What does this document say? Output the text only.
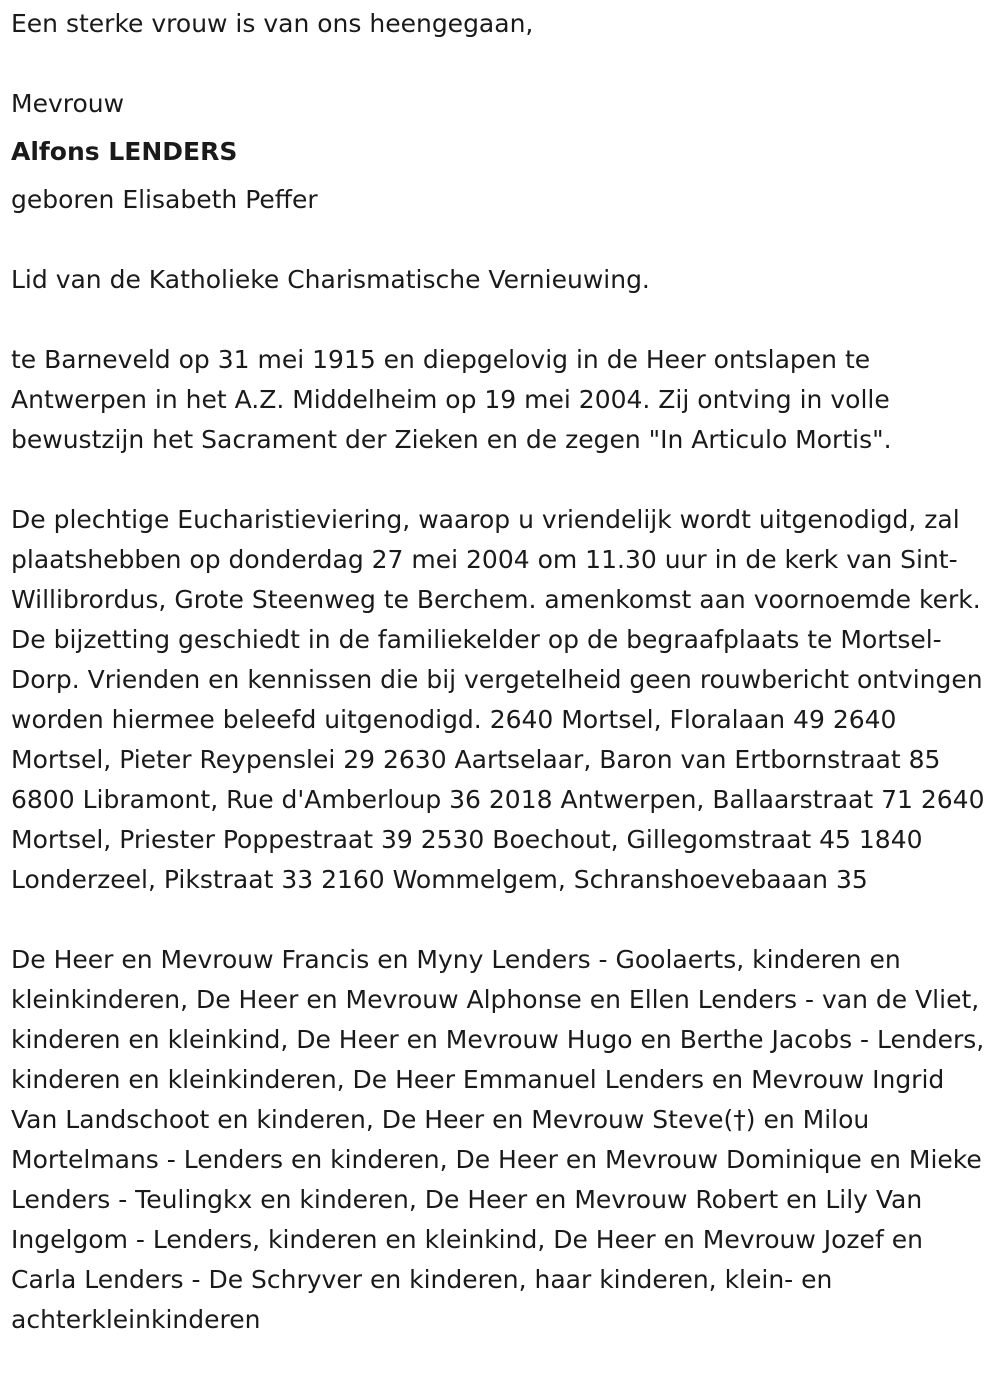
Een sterke vrouw is van ons heengegaan,

Mevrouw

Alfons LENDERS

geboren Elisabeth Peffer

Lid van de Katholieke Charismatische Vernieuwing.

te Barneveld op 31 mei 1915 en diepgelovig in de Heer ontslapen te Antwerpen in het A.Z. Middelheim op 19 mei 2004. Zij ontving in volle bewustzijn het Sacrament der Zieken en de zegen "In Articulo Mortis".

De plechtige Eucharistieviering, waarop u vriendelijk wordt uitgenodigd, zal plaatshebben op donderdag 27 mei 2004 om 11.30 uur in de kerk van Sint-Willibrordus, Grote Steenweg te Berchem. amenkomst aan voornoemde kerk. De bijzetting geschiedt in de familiekelder op de begraafplaats te Mortsel-Dorp. Vrienden en kennissen die bij vergetelheid geen rouwbericht ontvingen worden hiermee beleefd uitgenodigd. 2640 Mortsel, Floralaan 49 2640 Mortsel, Pieter Reypenslei 29 2630 Aartselaar, Baron van Ertbornstraat 85 6800 Libramont, Rue d'Amberloup 36 2018 Antwerpen, Ballaarstraat 71 2640 Mortsel, Priester Poppestraat 39 2530 Boechout, Gillegomstraat 45 1840 Londerzeel, Pikstraat 33 2160 Wommelgem, Schranshoevebaaan 35

De Heer en Mevrouw Francis en Myny Lenders - Goolaerts, kinderen en kleinkinderen, De Heer en Mevrouw Alphonse en Ellen Lenders - van de Vliet, kinderen en kleinkind, De Heer en Mevrouw Hugo en Berthe Jacobs - Lenders, kinderen en kleinkinderen, De Heer Emmanuel Lenders en Mevrouw Ingrid Van Landschoot en kinderen, De Heer en Mevrouw Steve(†) en Milou Mortelmans - Lenders en kinderen, De Heer en Mevrouw Dominique en Mieke Lenders - Teulingkx en kinderen, De Heer en Mevrouw Robert en Lily Van Ingelgom - Lenders, kinderen en kleinkind, De Heer en Mevrouw Jozef en Carla Lenders - De Schryver en kinderen, haar kinderen, klein- en achterkleinkinderen
